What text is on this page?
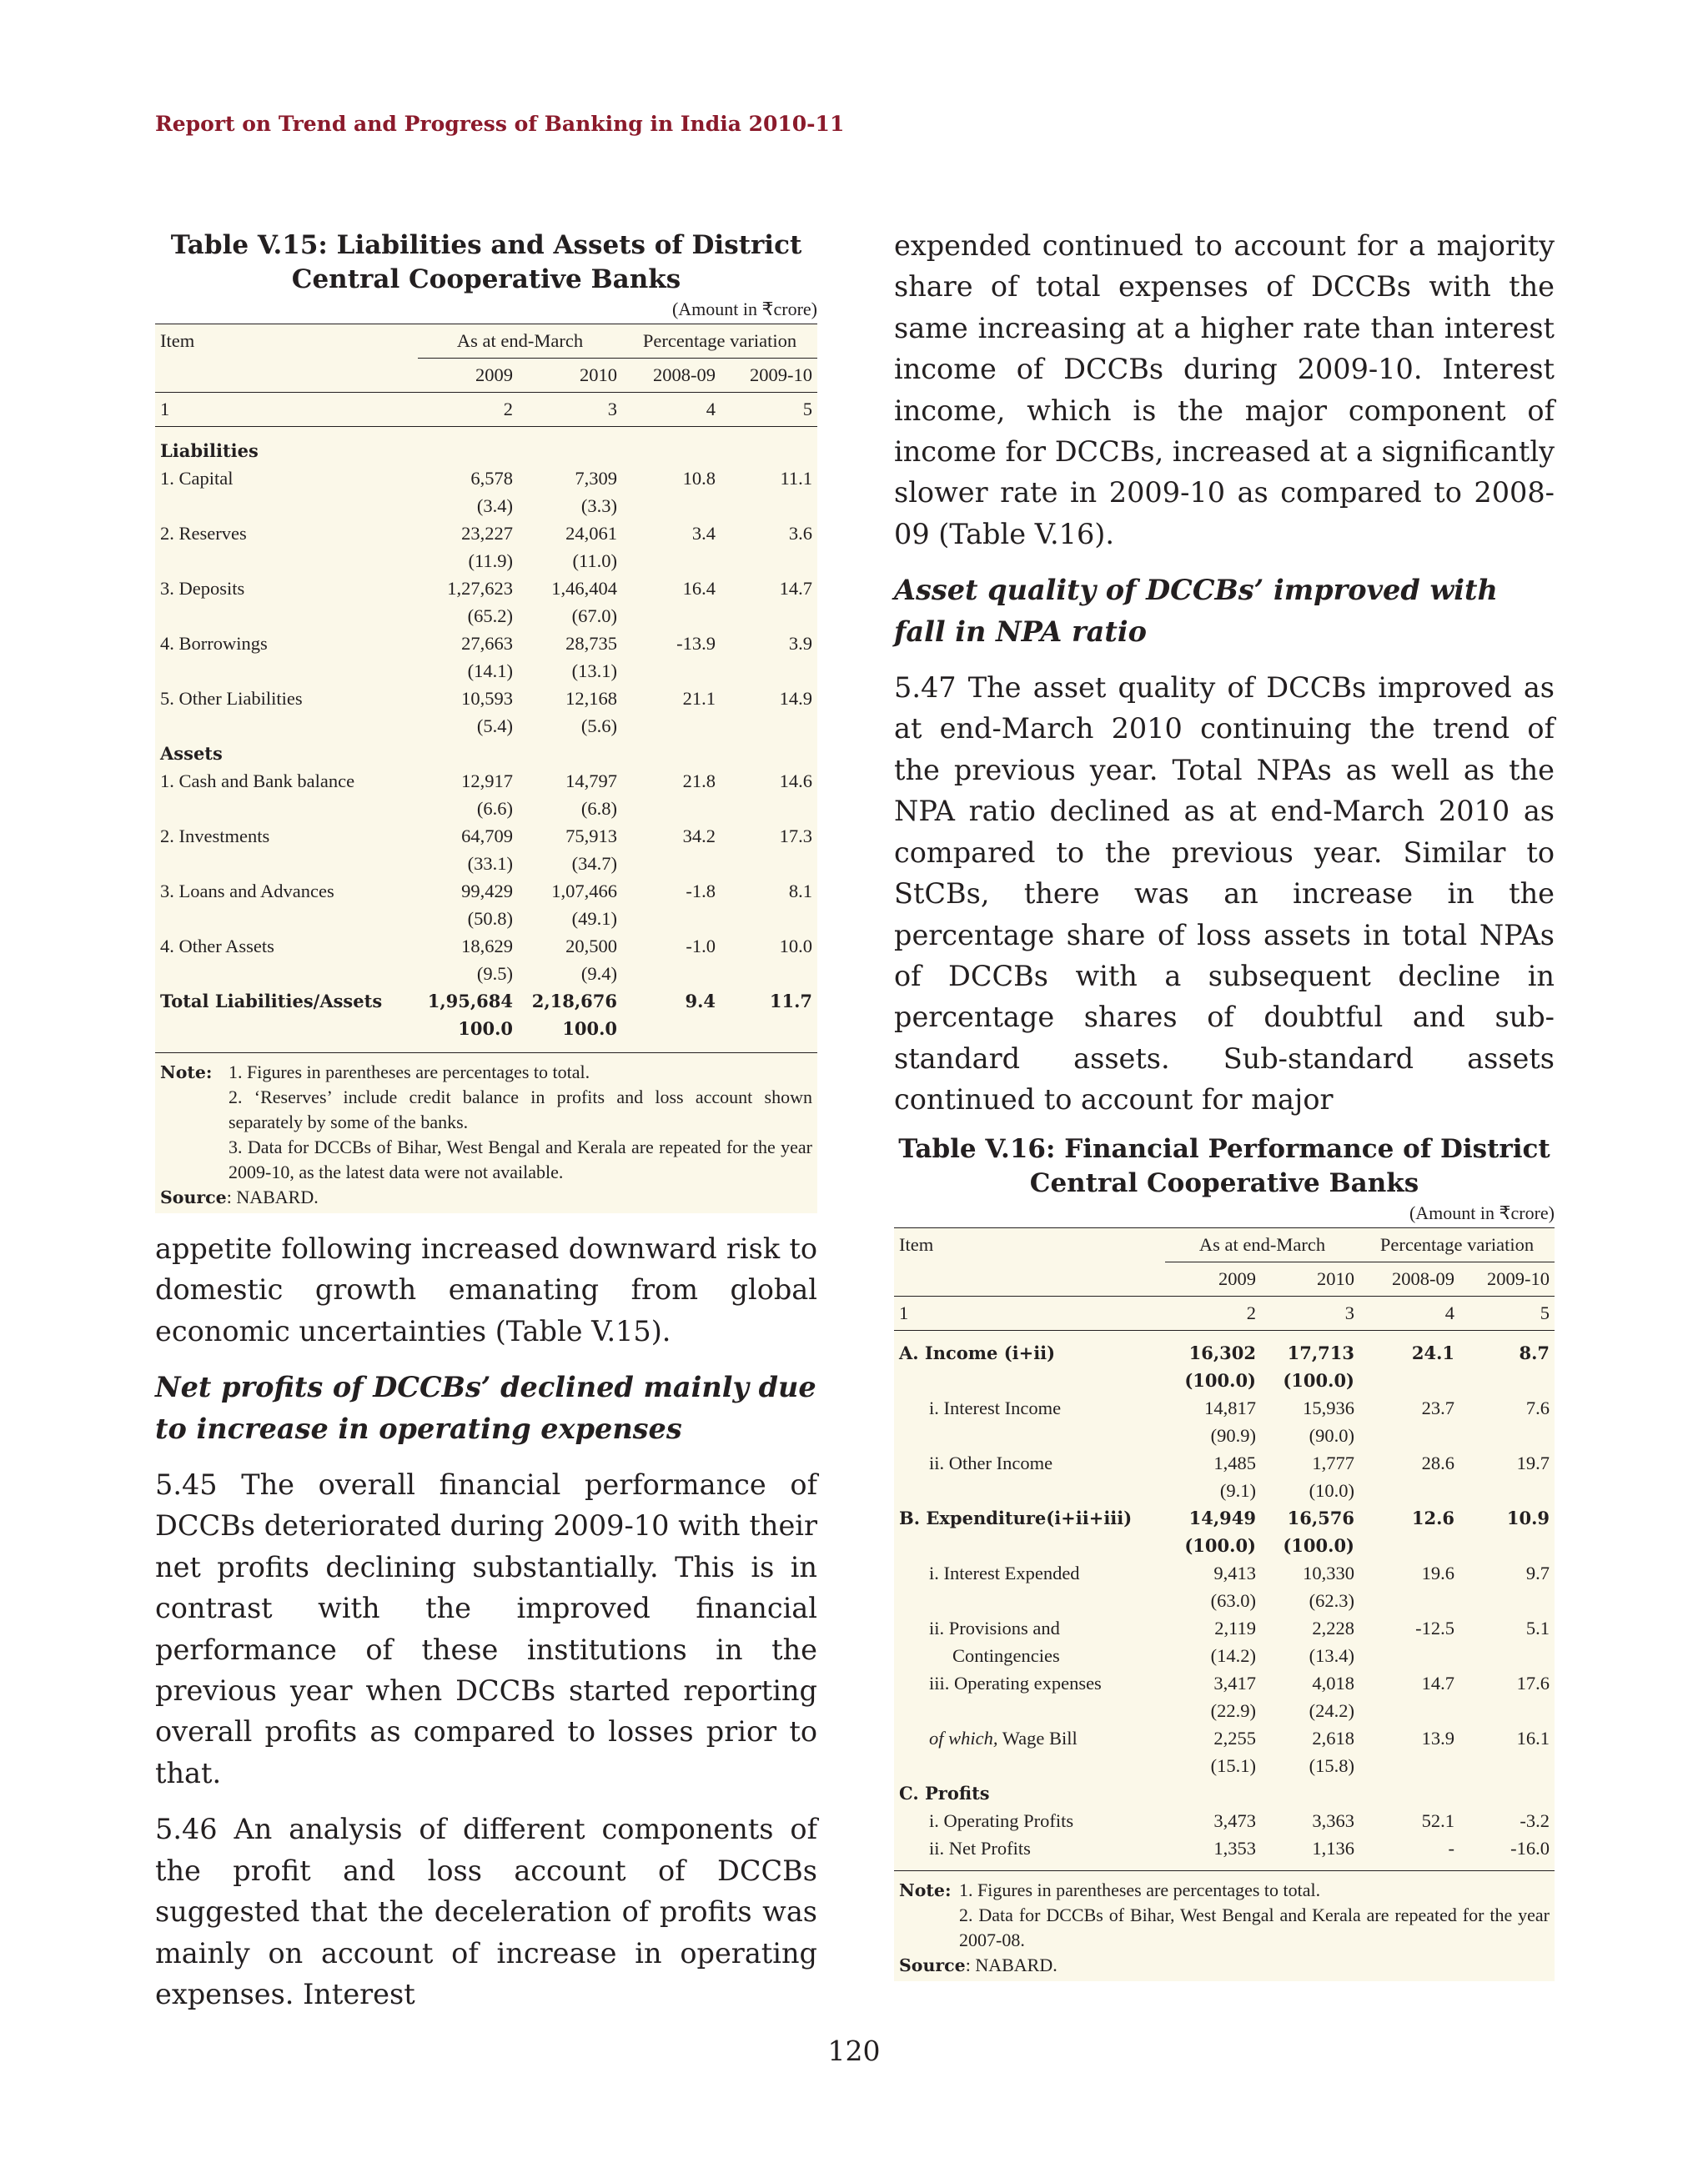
Report on Trend and Progress of Banking in India 2010-11

Table V.15: Liabilities and Assets of District
Central Cooperative Banks

(Amount in ₹crore)
Item	As at end-March		Percentage variation	
	2009	2010	2008-09	2009-10
1	2	3	4	5

Liabilities				
1. Capital	6,578	7,309	10.8	11.1
	(3.4)	(3.3)		
2. Reserves	23,227	24,061	3.4	3.6
	(11.9)	(11.0)		
3. Deposits	1,27,623	1,46,404	16.4	14.7
	(65.2)	(67.0)		
4. Borrowings	27,663	28,735	-13.9	3.9
	(14.1)	(13.1)		
5. Other Liabilities	10,593	12,168	21.1	14.9
	(5.4)	(5.6)		
Assets				
1. Cash and Bank balance	12,917	14,797	21.8	14.6
	(6.6)	(6.8)		
2. Investments	64,709	75,913	34.2	17.3
	(33.1)	(34.7)		
3. Loans and Advances	99,429	1,07,466	-1.8	8.1
	(50.8)	(49.1)		
4. Other Assets	18,629	20,500	-1.0	10.0
	(9.5)	(9.4)		
Total Liabilities/Assets	1,95,684	2,18,676	9.4	11.7
	100.0	100.0		

Note: 1. Figures in parentheses are percentages to total.
2. ‘Reserves’ include credit balance in profits and loss account shown separately by some of the banks.
3. Data for DCCBs of Bihar, West Bengal and Kerala are repeated for the year 2009-10, as the latest data were not available.
Source: NABARD.

appetite following increased downward risk to domestic growth emanating from global economic uncertainties (Table V.15).

Net profits of DCCBs’ declined mainly due to increase in operating expenses

5.45 The overall financial performance of DCCBs deteriorated during 2009-10 with their net profits declining substantially. This is in contrast with the improved financial performance of these institutions in the previous year when DCCBs started reporting overall profits as compared to losses prior to that.

5.46 An analysis of different components of the profit and loss account of DCCBs suggested that the deceleration of profits was mainly on account of increase in operating expenses. Interest

expended continued to account for a majority share of total expenses of DCCBs with the same increasing at a higher rate than interest income of DCCBs during 2009-10. Interest income, which is the major component of income for DCCBs, increased at a significantly slower rate in 2009-10 as compared to 2008-09 (Table V.16).

Asset quality of DCCBs’ improved with fall in NPA ratio

5.47 The asset quality of DCCBs improved as at end-March 2010 continuing the trend of the previous year. Total NPAs as well as the NPA ratio declined as at end-March 2010 as compared to the previous year. Similar to StCBs, there was an increase in the percentage share of loss assets in total NPAs of DCCBs with a subsequent decline in percentage shares of doubtful and sub-standard assets. Sub-standard assets continued to account for major

Table V.16: Financial Performance of District
Central Cooperative Banks

(Amount in ₹crore)
Item	As at end-March		Percentage variation	
	2009	2010	2008-09	2009-10
1	2	3	4	5

A. Income (i+ii)	16,302	17,713	24.1	8.7
	(100.0)	(100.0)		
i. Interest Income	14,817	15,936	23.7	7.6
	(90.9)	(90.0)		
ii. Other Income	1,485	1,777	28.6	19.7
	(9.1)	(10.0)		
B. Expenditure(i+ii+iii)	14,949	16,576	12.6	10.9
	(100.0)	(100.0)		
i. Interest Expended	9,413	10,330	19.6	9.7
	(63.0)	(62.3)		
ii. Provisions and	2,119	2,228	-12.5	5.1
Contingencies	(14.2)	(13.4)		
iii. Operating expenses	3,417	4,018	14.7	17.6
	(22.9)	(24.2)		
of which, Wage Bill	2,255	2,618	13.9	16.1
	(15.1)	(15.8)		
C. Profits				
i. Operating Profits	3,473	3,363	52.1	-3.2
ii. Net Profits	1,353	1,136	-	-16.0

Note: 1. Figures in parentheses are percentages to total.
2. Data for DCCBs of Bihar, West Bengal and Kerala are repeated for the year 2007-08.
Source: NABARD.
120
